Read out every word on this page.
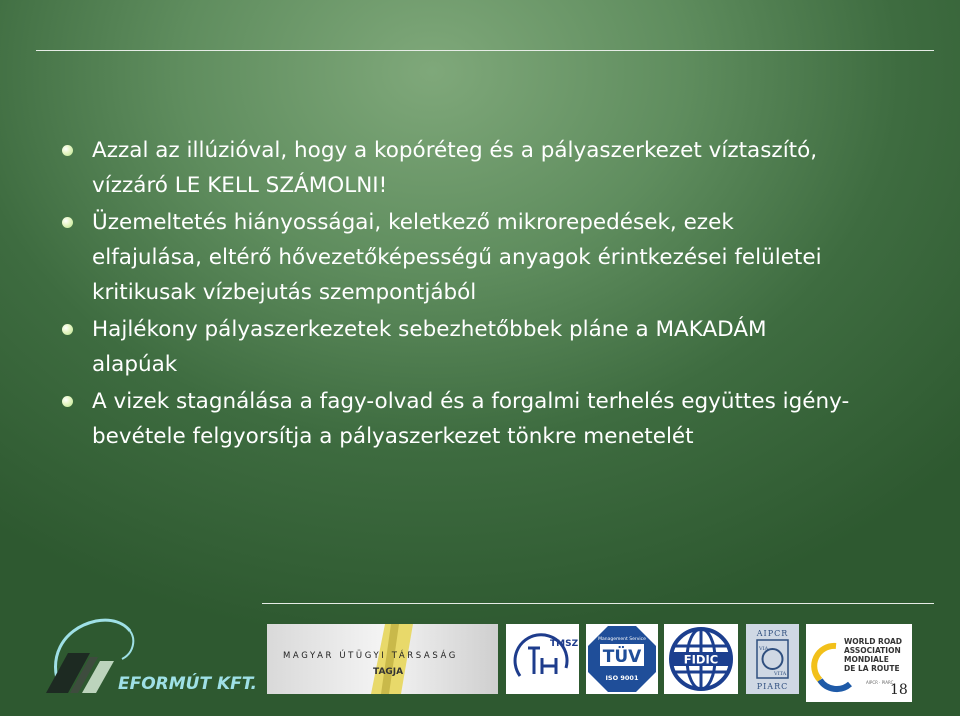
Azzal az illúzióval, hogy a kopóréteg és a pályaszerkezet víztaszító,
vízzáró LE KELL SZÁMOLNI!
Üzemeltetés hiányosságai, keletkező mikrorepedések, ezek
elfajulása, eltérő hővezetőképességű anyagok érintkezései felületei
kritikusak vízbejutás szempontjából
Hajlékony pályaszerkezetek sebezhetőbbek pláne a MAKADÁM
alapúak
A vizek stagnálása a fagy-olvad és a forgalmi terhelés együttes igény-
bevétele felgyorsítja a pályaszerkezet tönkre menetelét
EFORMÚT KFT.
MAGYAR ÚTÜGYI TÁRSASÁG
TAGJA
TMSZ	Management Service
TÜV
ISO 9001
FIDIC
AIPCR
VIA
VITA
PIARC
WORLD ROAD
ASSOCIATION
MONDIALE
DE LA ROUTE
AIPCR · PIARC
18
